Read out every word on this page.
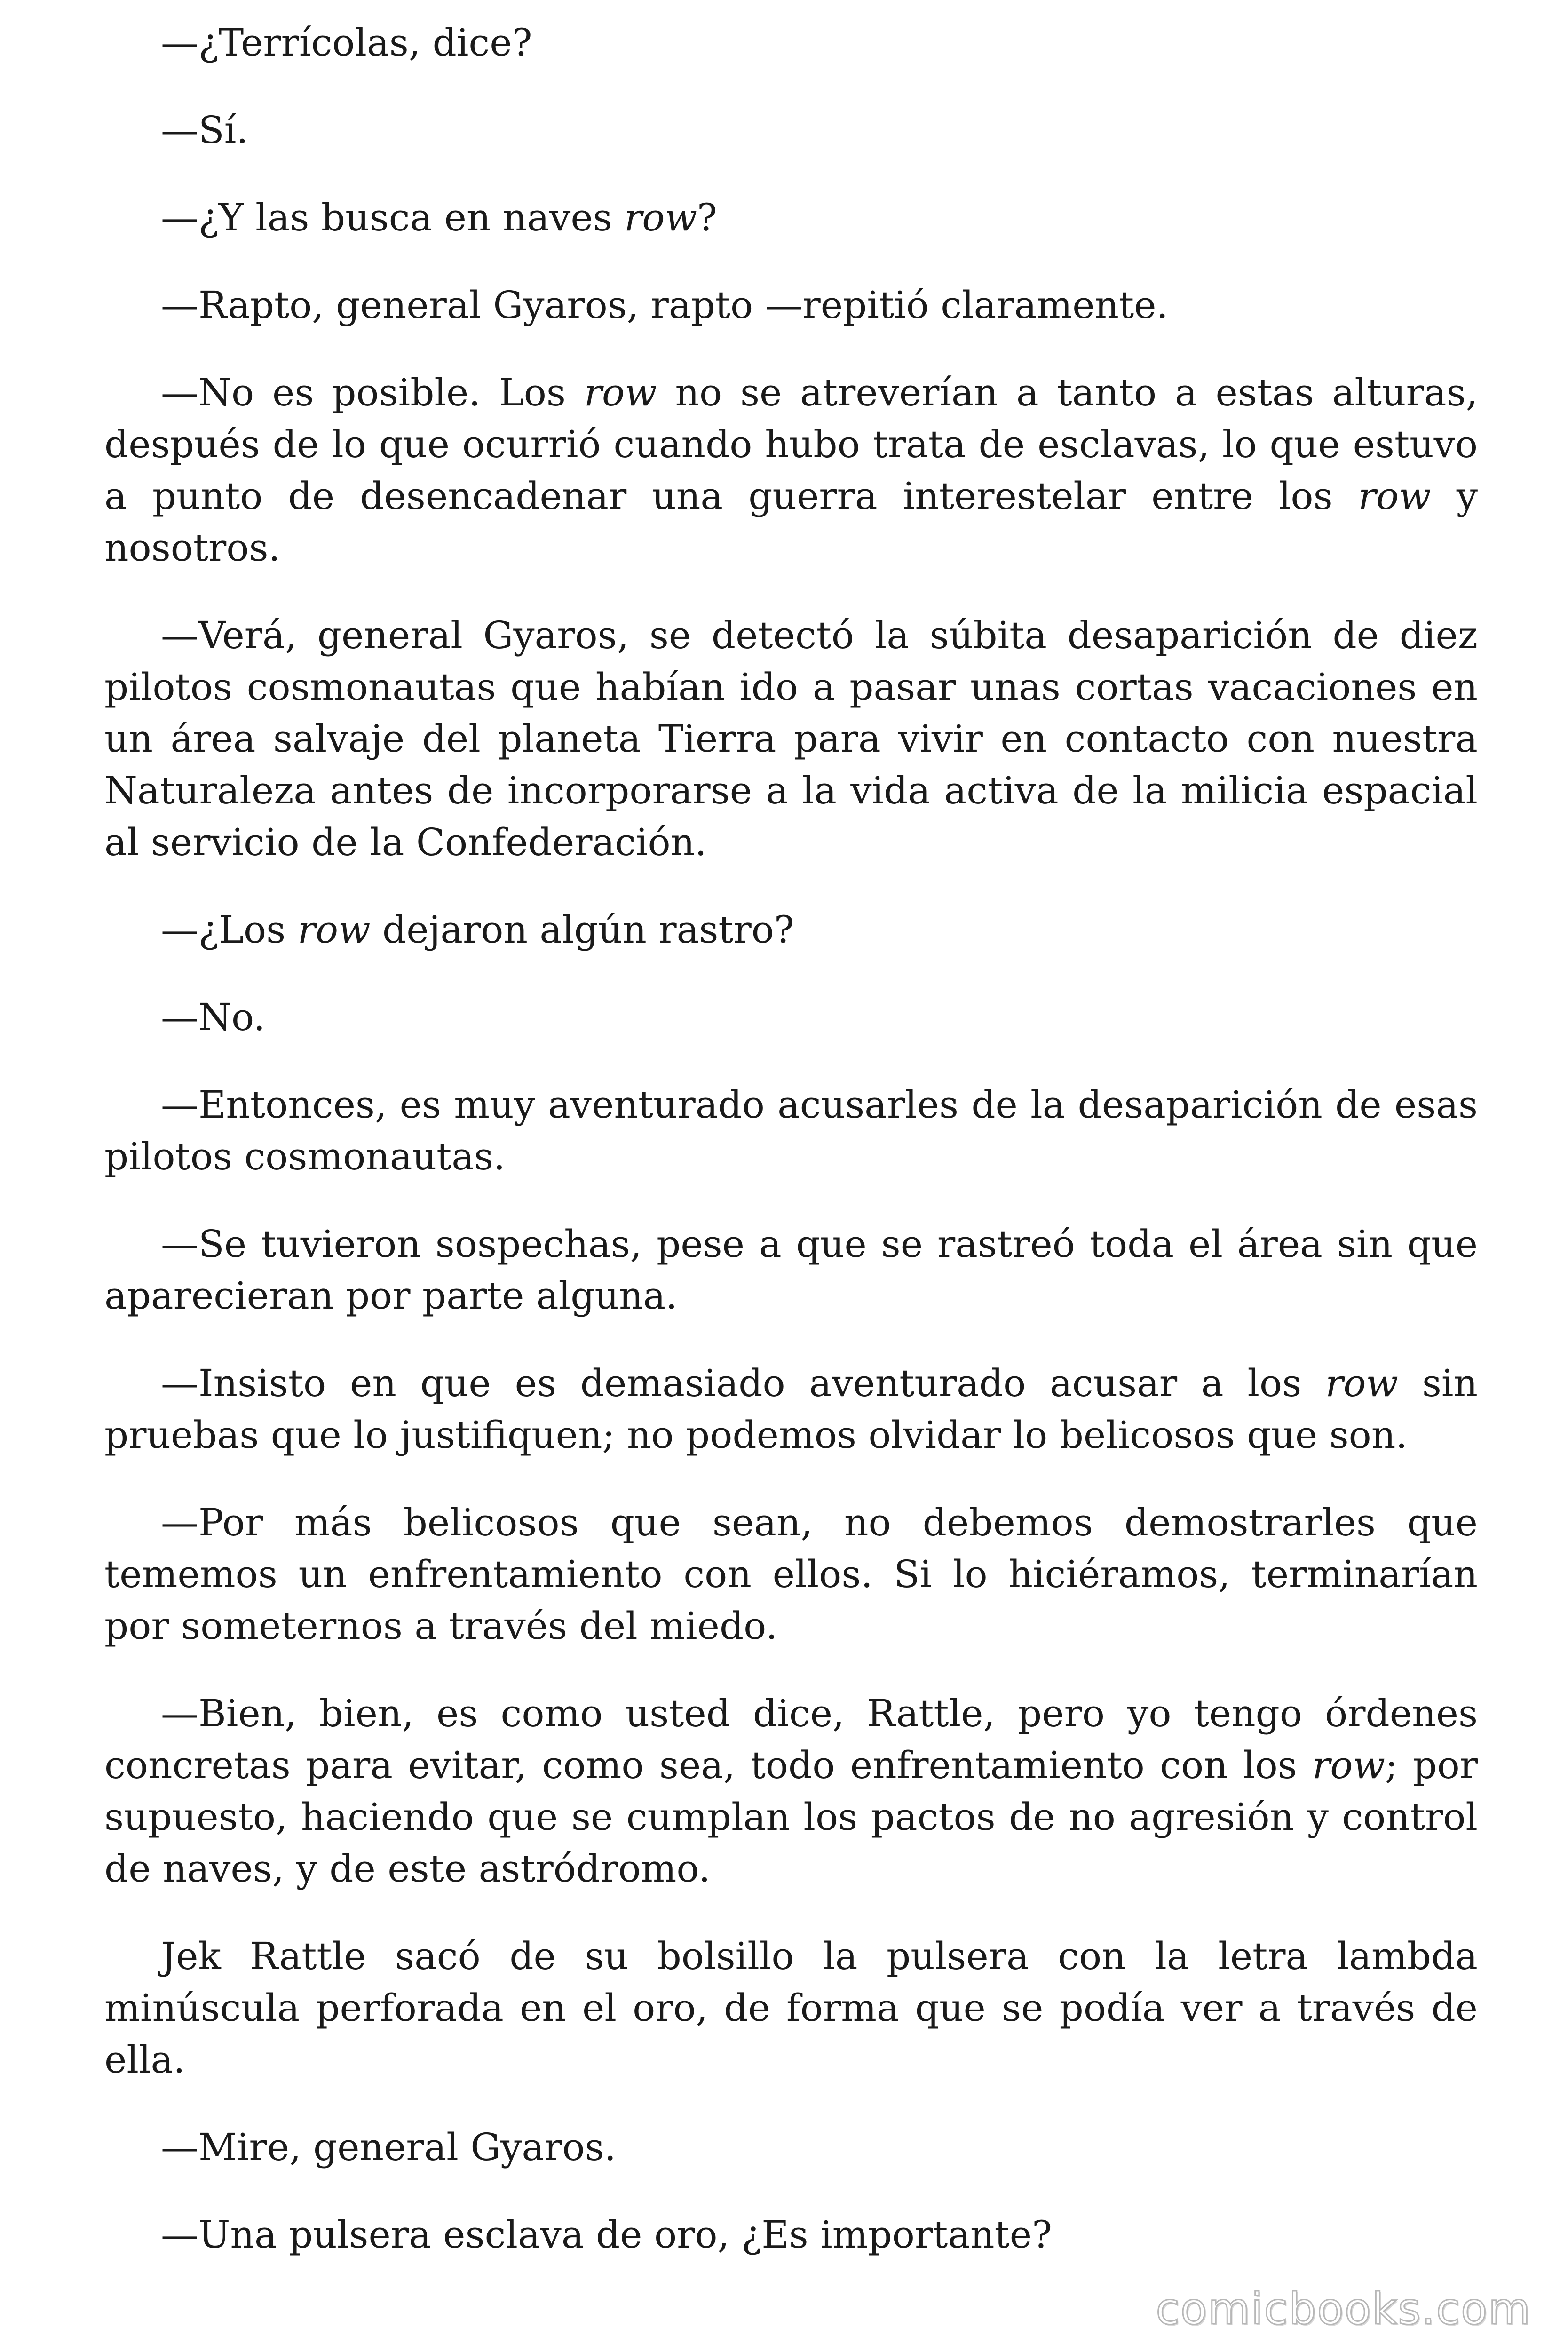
—¿Terrícolas, dice?

—Sí.

—¿Y las busca en naves row?

—Rapto, general Gyaros, rapto —repitió claramente.

—No es posible. Los row no se atreverían a tanto a estas alturas, después de lo que ocurrió cuando hubo trata de esclavas, lo que estuvo a punto de desencadenar una guerra interestelar entre los row y nosotros.

—Verá, general Gyaros, se detectó la súbita desaparición de diez pilotos cosmonautas que habían ido a pasar unas cortas vacaciones en un área salvaje del planeta Tierra para vivir en contacto con nuestra Naturaleza antes de incorporarse a la vida activa de la milicia espacial al servicio de la Confederación.

—¿Los row dejaron algún rastro?

—No.

—Entonces, es muy aventurado acusarles de la desaparición de esas pilotos cosmonautas.

—Se tuvieron sospechas, pese a que se rastreó toda el área sin que aparecieran por parte alguna.

—Insisto en que es demasiado aventurado acusar a los row sin pruebas que lo justifiquen; no podemos olvidar lo belicosos que son.

—Por más belicosos que sean, no debemos demostrarles que tememos un enfrentamiento con ellos. Si lo hiciéramos, terminarían por someternos a través del miedo.

—Bien, bien, es como usted dice, Rattle, pero yo tengo órdenes concretas para evitar, como sea, todo enfrentamiento con los row; por supuesto, haciendo que se cumplan los pactos de no agresión y control de naves, y de este astródromo.

Jek Rattle sacó de su bolsillo la pulsera con la letra lambda minúscula perforada en el oro, de forma que se podía ver a través de ella.

—Mire, general Gyaros.

—Una pulsera esclava de oro, ¿Es importante?

comicbooks.com
